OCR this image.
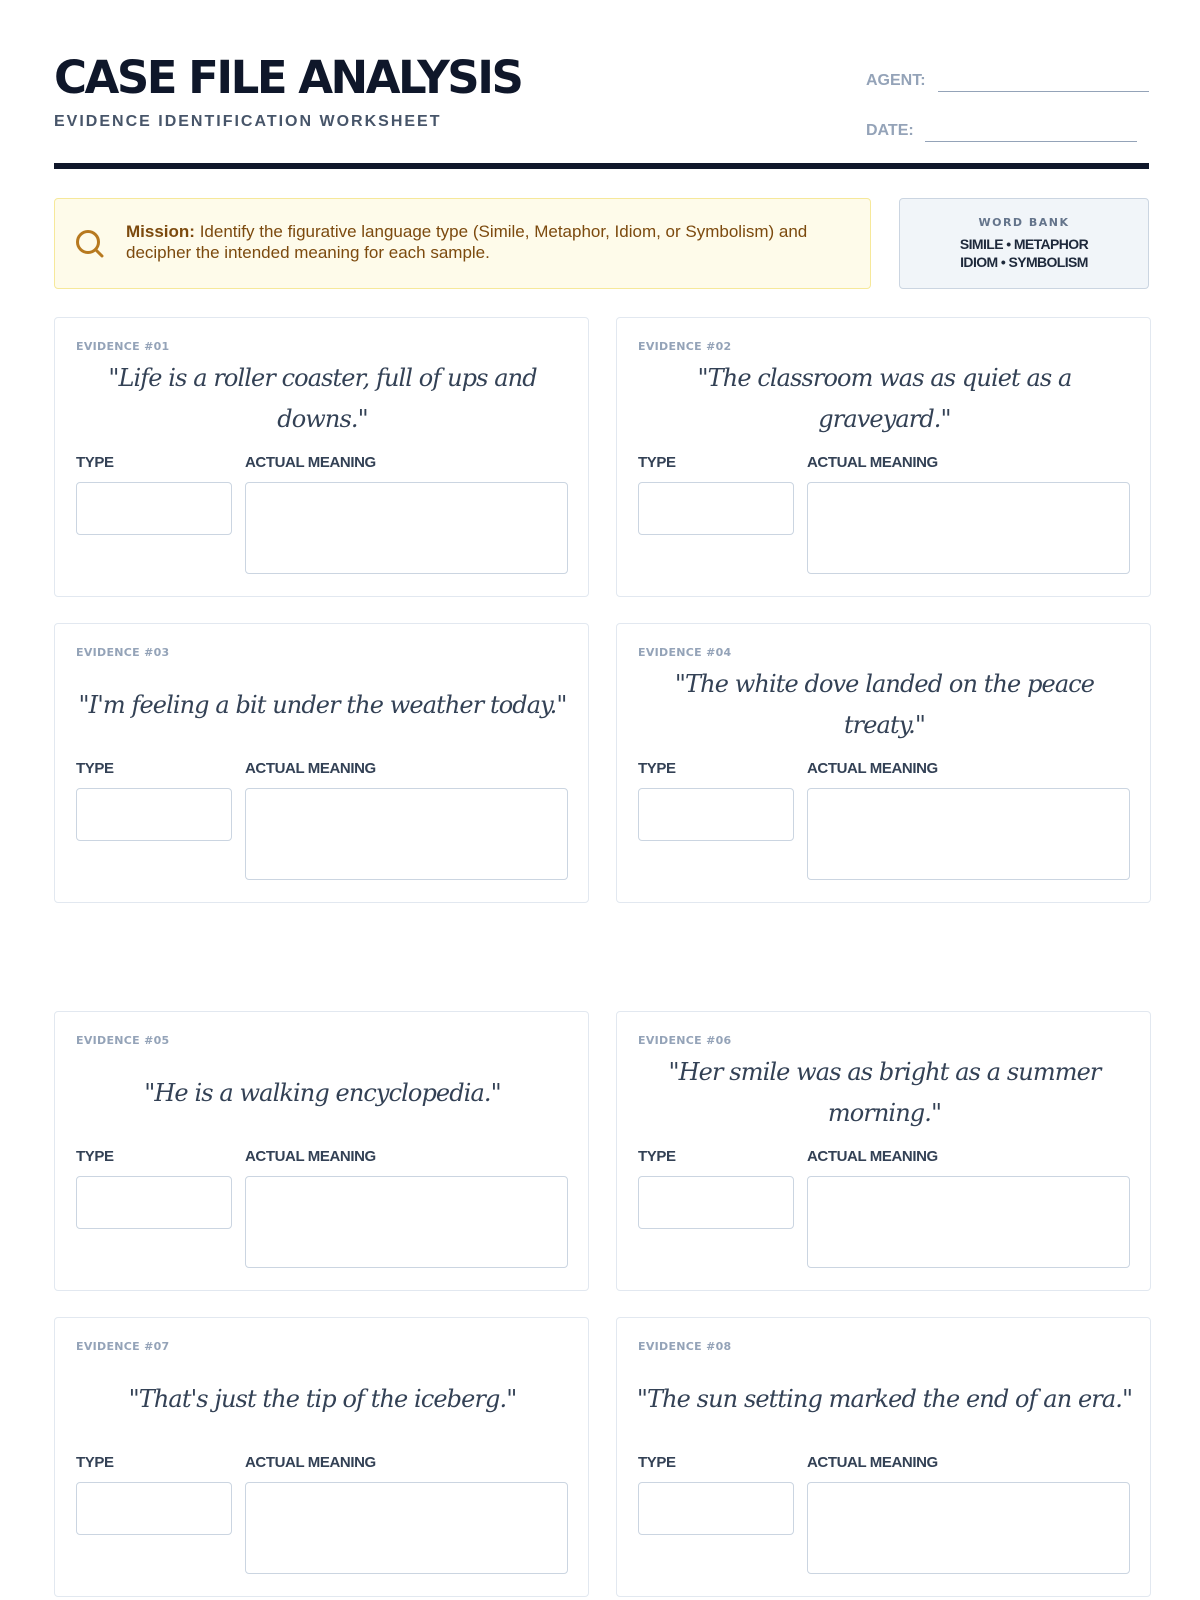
CASE FILE ANALYSIS
EVIDENCE IDENTIFICATION WORKSHEET
AGENT:
DATE:
Mission: Identify the figurative language type (Simile, Metaphor, Idiom, or Symbolism) and decipher the intended meaning for each sample.
WORD BANK
SIMILE • METAPHOR
IDIOM • SYMBOLISM
EVIDENCE #01
"Life is a roller coaster, full of ups and downs."
TYPE	ACTUAL MEANING
EVIDENCE #02
"The classroom was as quiet as a graveyard."
TYPE	ACTUAL MEANING
EVIDENCE #03
"I'm feeling a bit under the weather today."
TYPE	ACTUAL MEANING
EVIDENCE #04
"The white dove landed on the peace treaty."
TYPE	ACTUAL MEANING
EVIDENCE #05
"He is a walking encyclopedia."
TYPE	ACTUAL MEANING
EVIDENCE #06
"Her smile was as bright as a summer morning."
TYPE	ACTUAL MEANING
EVIDENCE #07
"That's just the tip of the iceberg."
TYPE	ACTUAL MEANING
EVIDENCE #08
"The sun setting marked the end of an era."
TYPE	ACTUAL MEANING
